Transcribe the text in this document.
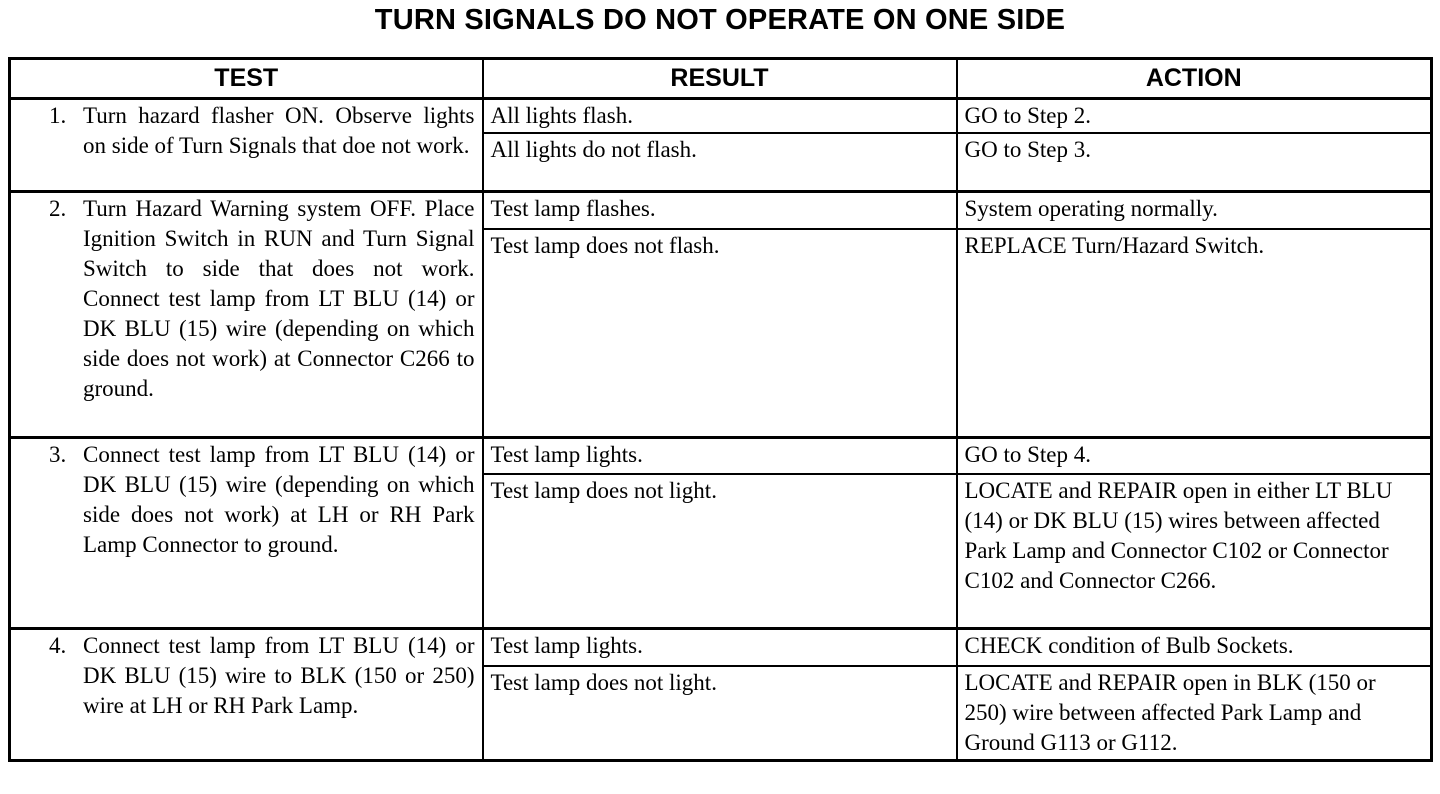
TURN SIGNALS DO NOT OPERATE ON ONE SIDE
TEST	RESULT	ACTION

1. Turn hazard flasher ON. Observe lights on side of Turn Signals that doe not work.	All lights flash.	GO to Step 2.
	All lights do not flash.	GO to Step 3.

2. Turn Hazard Warning system OFF. Place Ignition Switch in RUN and Turn Signal Switch to side that does not work. Connect test lamp from LT BLU (14) or DK BLU (15) wire (depending on which side does not work) at Connector C266 to ground.	Test lamp flashes.	System operating normally.
	Test lamp does not flash.	REPLACE Turn/Hazard Switch.

3. Connect test lamp from LT BLU (14) or DK BLU (15) wire (depending on which side does not work) at LH or RH Park Lamp Connector to ground.	Test lamp lights.	GO to Step 4.
	Test lamp does not light.	LOCATE and REPAIR open in either LT BLU (14) or DK BLU (15) wires between affected Park Lamp and Connector C102 or Connector C102 and Connector C266.

4. Connect test lamp from LT BLU (14) or DK BLU (15) wire to BLK (150 or 250) wire at LH or RH Park Lamp.	Test lamp lights.	CHECK condition of Bulb Sockets.
	Test lamp does not light.	LOCATE and REPAIR open in BLK (150 or 250) wire between affected Park Lamp and Ground G113 or G112.
